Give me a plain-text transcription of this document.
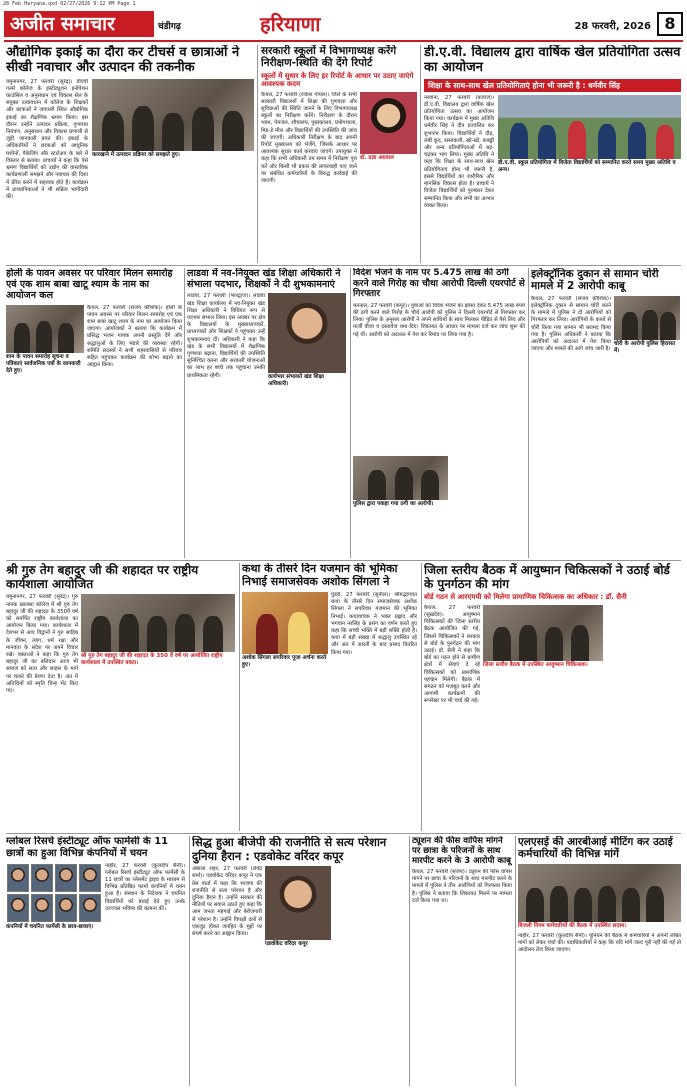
28 Feb Haryana.qxd 02/27/2026 9:12 PM Page 1
अजीत समाचार	चंडीगढ़	हरियाणा	28 फरवरी, 2026 8
औद्योगिक इकाई का दौरा कर टीचर्स व छात्राओं ने सीखी नवाचार और उत्पादन की तकनीक
यमुनानगर, 27 फरवरी (सुरेंद्र)। डीएवी गर्ल्स कॉलेज के इंस्टीट्यूशन इनोवेशन काउंसिल व अनुसंधान एवं विकास सेल के संयुक्त तत्वावधान में कॉलेज के शिक्षकों और छात्राओं ने जगाधरी स्थित औद्योगिक इकाई का शैक्षणिक भ्रमण किया। इस दौरान उन्होंने उत्पादन प्रक्रिया, गुणवत्ता नियंत्रण, अनुसंधान और विकास प्रणाली से जुड़ी जानकारी प्राप्त की। इकाई के अधिकारियों ने छात्राओं को आधुनिक मशीनों, पैकेजिंग और स्टार्टअप के बारे में विस्तार से बताया। प्राचार्या ने कहा कि ऐसे भ्रमण विद्यार्थियों को उद्योग की वास्तविक कार्यप्रणाली समझने और नवाचार की दिशा में प्रेरित करने में सहायक होते हैं। कार्यक्रम में प्राध्यापिकाओं ने भी सक्रिय भागीदारी की।
कारखाने में उत्पादन प्रक्रिया को समझते हुए।
सरकारी स्कूलों में विभागाध्यक्ष करेंगे निरीक्षण-स्थिति की देंगे रिपोर्ट
स्कूलों में सुधार के लिए हर रिपोर्ट के आधार पर उठाए जाएंगे आवश्यक कदम
कैथल, 27 फरवरी (राकेश गोयल)। जिले के सभी सरकारी विद्यालयों में शिक्षा की गुणवत्ता और सुविधाओं की स्थिति जानने के लिए विभागाध्यक्ष स्कूलों का निरीक्षण करेंगे। निरीक्षण के दौरान भवन, पेयजल, शौचालय, पुस्तकालय, प्रयोगशाला, मिड-डे मील और विद्यार्थियों की उपस्थिति की जांच की जाएगी। अधिकारी निरीक्षण के बाद अपनी रिपोर्ट मुख्यालय को भेजेंगे, जिसके आधार पर आवश्यक सुधार कार्य करवाए जाएंगे। उपायुक्त ने कहा कि सभी अधिकारी तय समय में निरीक्षण पूरा करें और किसी भी प्रकार की लापरवाही पाए जाने पर संबंधित कर्मचारियों के विरुद्ध कार्रवाई की जाएगी।
डॉ. प्रज्ञा अग्रवाल
डी.ए.वी. विद्यालय द्वारा वार्षिक खेल प्रतियोगिता उत्सव का आयोजन
शिक्षा के साथ-साथ खेल प्रतियोगिताएं होना भी जरूरी है : धर्मवीर सिंह
नरवाना, 27 फरवरी (बजाज)। डी.ए.वी. विद्यालय द्वारा वार्षिक खेल प्रतियोगिता उत्सव का आयोजन किया गया। कार्यक्रम में मुख्य अतिथि धर्मवीर सिंह ने दीप प्रज्वलित कर शुभारंभ किया। विद्यार्थियों ने दौड़, लंबी कूद, रस्साकशी, खो-खो, कबड्डी और अन्य प्रतियोगिताओं में बढ़-चढ़कर भाग लिया। मुख्य अतिथि ने कहा कि शिक्षा के साथ-साथ खेल प्रतियोगिताएं होना भी जरूरी है, इससे विद्यार्थियों का शारीरिक और मानसिक विकास होता है। प्राचार्य ने विजेता विद्यार्थियों को पुरस्कार देकर सम्मानित किया और सभी का आभार व्यक्त किया।
डी.ए.वी. स्कूल प्रतियोगिता में विजेता विद्यार्थियों को सम्मानित करते समय मुख्य अतिथि व अन्य।
होली के पावन अवसर पर परिवार मिलन समारोह एवं एक शाम बाबा खाटू श्याम के नाम का आयोजन कल
शाम के पावन समारोह सूचना व पत्रिकाएं सार्वजनिक पत्रों के जानकारी देते हुए।
कैथल, 27 फरवरी (संजय कौशिक)। होली के पावन अवसर पर परिवार मिलन समारोह एवं एक शाम बाबा खाटू श्याम के नाम का आयोजन किया जाएगा। आयोजकों ने बताया कि कार्यक्रम में प्रसिद्ध भजन गायक अपनी प्रस्तुति देंगे और श्रद्धालुओं के लिए भंडारे की व्यवस्था रहेगी। समिति सदस्यों ने सभी शहरवासियों से परिवार सहित पहुंचकर कार्यक्रम की शोभा बढ़ाने का आह्वान किया।
लाडवा में नव-नियुक्त खंड शिक्षा अधिकारी ने संभाला पदभार, शिक्षकों ने दी शुभकामनाएं
लाडवा, 27 फरवरी (भारद्वाज)। लाडवा खंड शिक्षा कार्यालय में नव-नियुक्त खंड शिक्षा अधिकारी ने विधिवत रूप से पदभार संभाल लिया। इस अवसर पर क्षेत्र के विद्यालयों के मुख्याध्यापकों, प्राध्यापकों और शिक्षकों ने पहुंचकर उन्हें शुभकामनाएं दीं। अधिकारी ने कहा कि खंड के सभी विद्यालयों में शैक्षणिक गुणवत्ता बढ़ाना, विद्यार्थियों की उपस्थिति सुनिश्चित करना और सरकारी योजनाओं का लाभ हर बच्चे तक पहुंचाना उनकी प्राथमिकता रहेगी।	कार्यभार संभालते खंड शिक्षा अधिकारी।
विदेश भेजने के नाम पर 5.475 लाख की ठगी करने वाले गिरोह का चौथा आरोपी दिल्ली एयरपोर्ट से गिरफ्तार
करनाल, 27 फरवरी (कपूर)। युवाओं को विदेश भेजने का झांसा देकर 5.475 लाख रुपये की ठगी करने वाले गिरोह के चौथे आरोपी को पुलिस ने दिल्ली एयरपोर्ट से गिरफ्तार कर लिया। पुलिस के अनुसार आरोपी ने अपने साथियों के साथ मिलकर पीड़ित से पैसे लिए और फर्जी वीजा व दस्तावेज थमा दिए। शिकायत के आधार पर मामला दर्ज कर जांच शुरू की गई थी। आरोपी को अदालत में पेश कर रिमांड पर लिया गया है।
पुलिस द्वारा पकड़ा गया ठगी का आरोपी।
इलेक्ट्रॉनिक दुकान से सामान चोरी मामले में 2 आरोपी काबू
कैथल, 27 फरवरी (संजय कौशिक)। इलेक्ट्रॉनिक दुकान से सामान चोरी करने के मामले में पुलिस ने दो आरोपियों को गिरफ्तार कर लिया। आरोपियों के कब्जे से चोरी किया गया सामान भी बरामद किया गया है। पुलिस अधिकारी ने बताया कि आरोपियों को अदालत में पेश किया जाएगा और मामले की आगे जांच जारी है।
चोरी के आरोपी पुलिस हिरासत में।
श्री गुरु तेग बहादुर जी की शहादत पर राष्ट्रीय कार्यशाला आयोजित
यमुनानगर, 27 फरवरी (सुरेंद्र)। गुरु नानक खालसा कॉलेज में श्री गुरु तेग बहादुर जी की शहादत के 350वें वर्ष को समर्पित राष्ट्रीय कार्यशाला का आयोजन किया गया। कार्यशाला में देशभर से आए विद्वानों ने गुरु साहिब के जीवन, त्याग, धर्म रक्षा और मानवता के संदेश पर अपने विचार रखे। वक्ताओं ने कहा कि गुरु तेग बहादुर जी का बलिदान आज भी समाज को सत्य और साहस के मार्ग पर चलने की प्रेरणा देता है। अंत में अतिथियों को स्मृति चिन्ह भेंट किए गए।
श्री गुरु तेग बहादुर जी की शहादत के 350 वें वर्ष पर आयोजित राष्ट्रीय कार्यशाला में उपस्थित वक्ता।
कथा के तीसरे दिन यजमान की भूमिका निभाई समाजसेवक अशोक सिंगला ने
अशोक सिंगला सपरिवार पूजा अर्चना करते हुए।
पुंडरी, 27 फरवरी (सुनील)। श्रीमद्भागवत कथा के तीसरे दिन समाजसेवक अशोक सिंगला ने सपरिवार यजमान की भूमिका निभाई। कथावाचक ने भक्त प्रह्लाद और भगवान नरसिंह के प्रसंग का वर्णन करते हुए कहा कि सच्ची भक्ति में बड़ी शक्ति होती है। कथा में बड़ी संख्या में श्रद्धालु उपस्थित रहे और अंत में आरती के बाद प्रसाद वितरित किया गया।
जिला स्तरीय बैठक में आयुष्मान चिकित्सकों ने उठाई बोर्ड के पुनर्गठन की मांग
बोर्ड गठन से आरएमपी को मिलेगा प्रामाणिक चिकित्सक का अधिकार : डॉ. सैनी
कैथल, 27 फरवरी (सुखदेव)। आयुष्मान चिकित्सकों की जिला स्तरीय बैठक आयोजित की गई, जिसमें चिकित्सकों ने सरकार से बोर्ड के पुनर्गठन की मांग उठाई। डॉ. सैनी ने कहा कि बोर्ड का गठन होने से ग्रामीण क्षेत्रों में सेवाएं दे रहे चिकित्सकों को प्रामाणिक पहचान मिलेगी। बैठक में संगठन को मजबूत करने और आगामी कार्यक्रमों की रूपरेखा पर भी चर्चा की गई।
जिला स्तरीय बैठक में उपस्थित आयुष्मान चिकित्सक।
ग्लोबल रिसर्च इंस्टीट्यूट ऑफ फार्मेसी के 11 छात्रों का हुआ विभिन्न कंपनियों में चयन
कंपनियों में चयनित फार्मेसी के छात्र-छात्राएं।
नाहौर, 27 फरवरी (कुलदीप सैनी)। ग्लोबल रिसर्च इंस्टीट्यूट ऑफ फार्मेसी के 11 छात्रों का प्लेसमेंट ड्राइव के माध्यम से विभिन्न प्रतिष्ठित फार्मा कंपनियों में चयन हुआ है। संस्थान के निदेशक ने चयनित विद्यार्थियों को बधाई देते हुए उनके उज्ज्वल भविष्य की कामना की।
सिद्ध हुआ बीजेपी की राजनीति से सत्य परेशान दुनिया हैरान : एडवोकेट वरिंदर कपूर
अंबाला शहर, 27 फरवरी (रविंद्र शर्मा)। एडवोकेट वरिंदर कपूर ने एक प्रेस वार्ता में कहा कि भाजपा की राजनीति से सत्य परेशान है और दुनिया हैरान है। उन्होंने सरकार की नीतियों पर सवाल उठाते हुए कहा कि आम जनता महंगाई और बेरोजगारी से परेशान है। उन्होंने विपक्षी दलों से एकजुट होकर जनहित के मुद्दों पर संघर्ष करने का आह्वान किया।
एडवोकेट वरिंदर कपूर
ट्यूशन की फीस वापिस मांगने पर छात्रा के परिजनों के साथ मारपीट करने के 3 आरोपी काबू
कैथल, 27 फरवरी (संजय)। ट्यूशन की फीस वापस मांगने पर छात्रा के परिजनों के साथ मारपीट करने के मामले में पुलिस ने तीन आरोपियों को गिरफ्तार किया है। पुलिस ने बताया कि शिकायत मिलने पर मामला दर्ज किया गया था।
एलएसई की आरबीआई मीटिंग कर उठाई कर्मचारियों की विभिन्न मांगें
बिजली निगम कर्मचारियों की बैठक में उपस्थित सदस्य।
नाहौर, 27 फरवरी (कुलदीप सैनी)। यूनियन की बैठक में कर्मचारियों ने अपनी लंबित मांगों को लेकर चर्चा की। पदाधिकारियों ने कहा कि यदि मांगें जल्द पूरी नहीं की गईं तो आंदोलन तेज किया जाएगा।
